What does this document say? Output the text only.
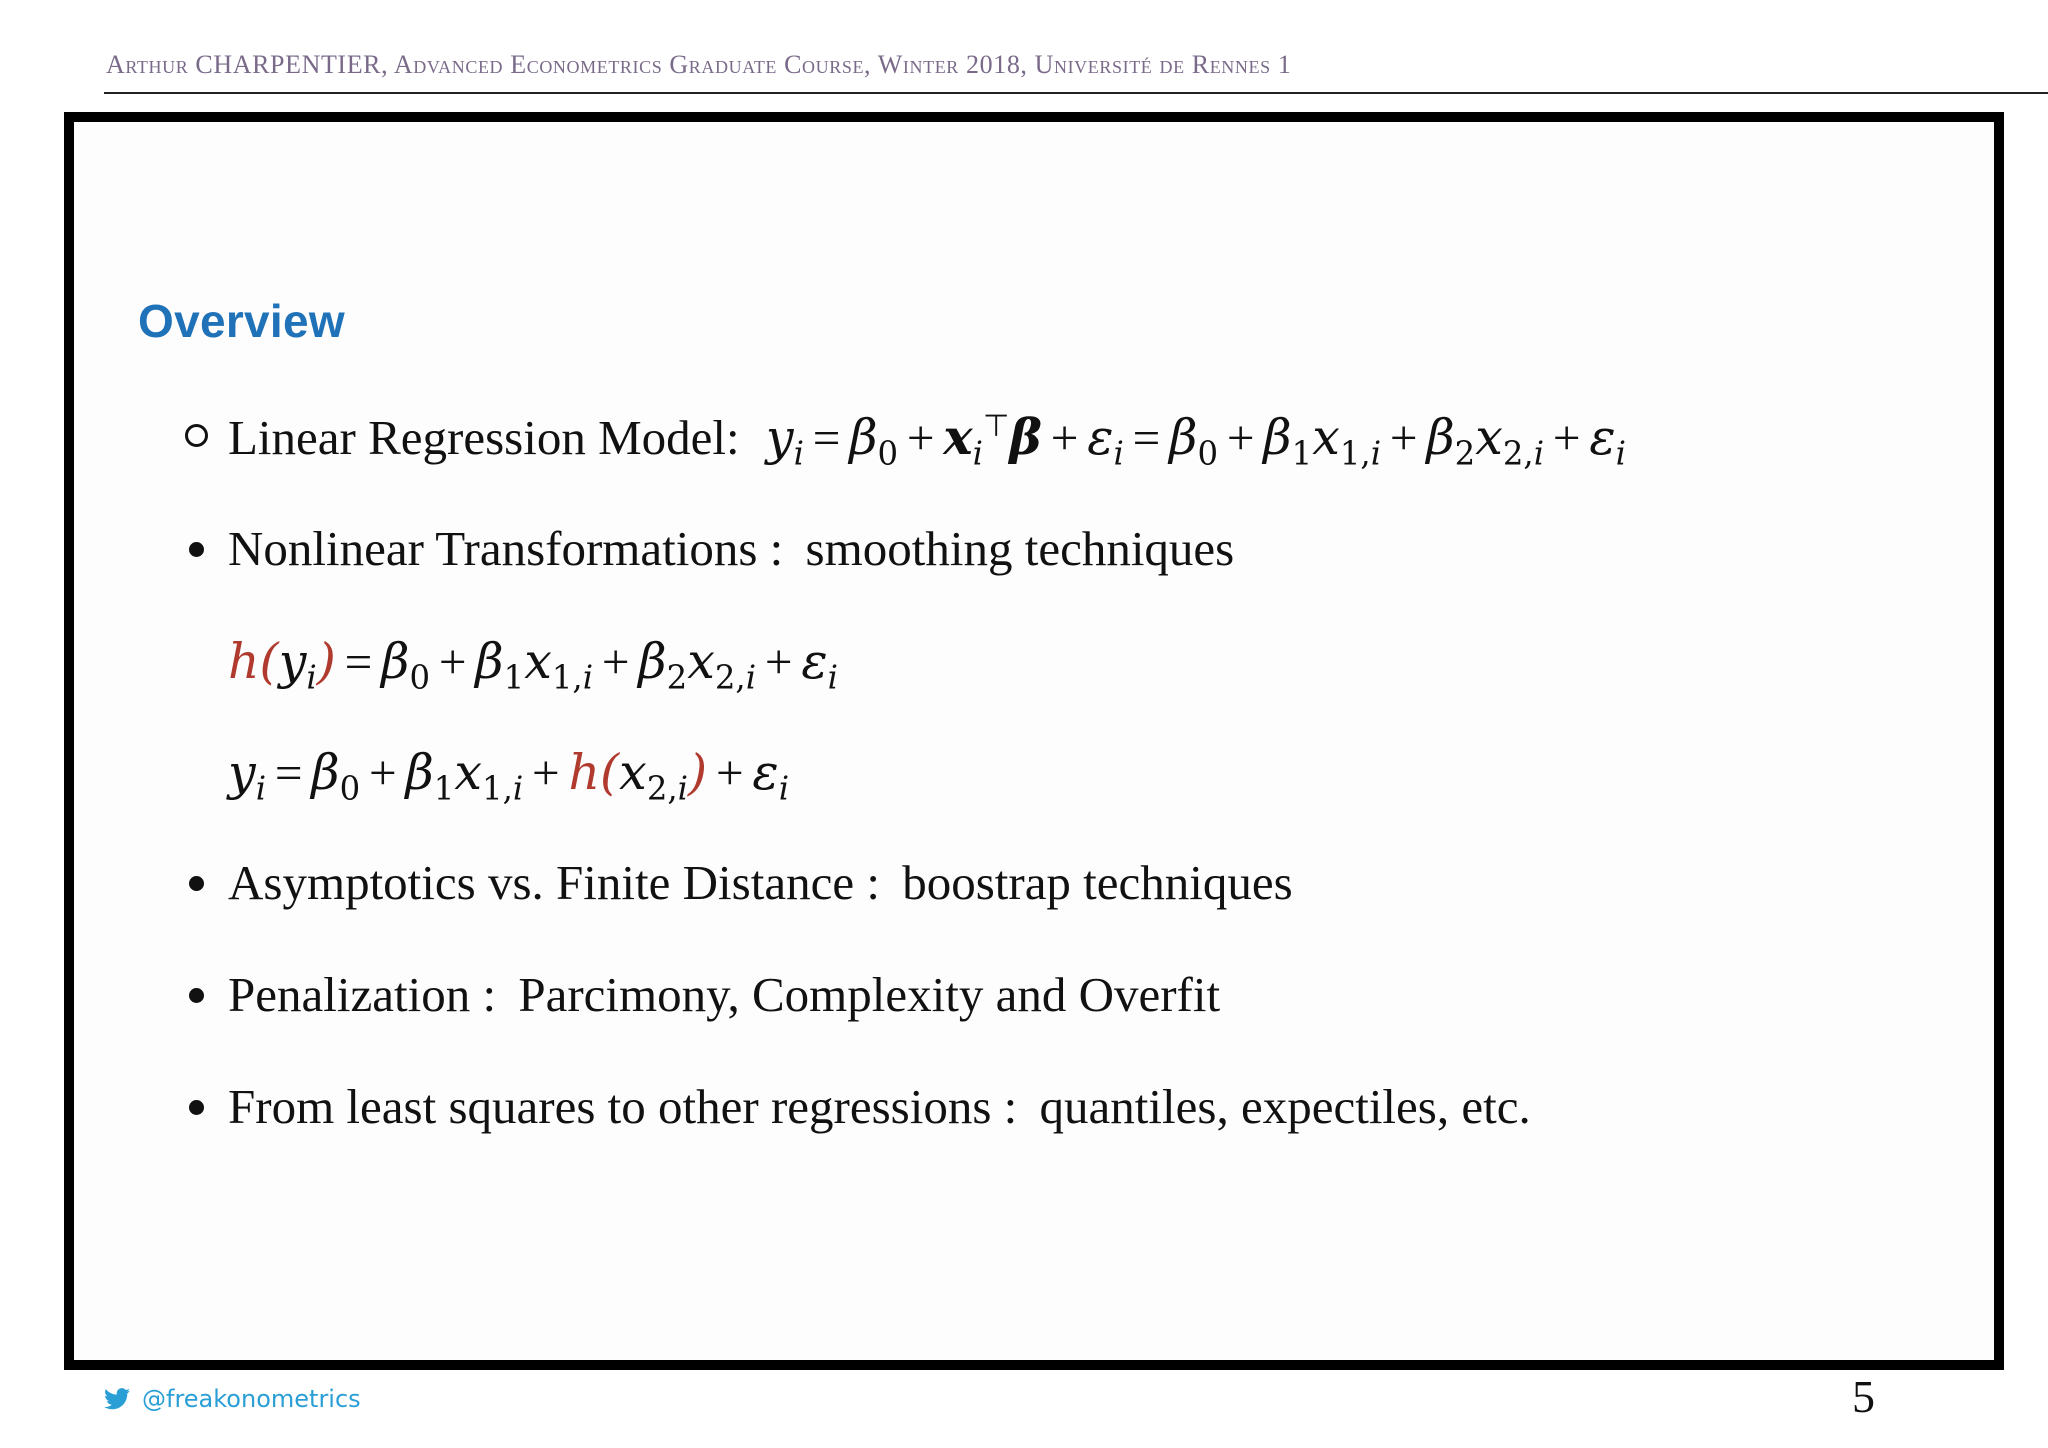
Arthur CHARPENTIER, Advanced Econometrics Graduate Course, Winter 2018, Université de Rennes 1
Overview
Linear Regression Model: $y_i = \beta_0 + x_i^⊤\beta + \varepsilon_i = \beta_0 + \beta_1x_{1,i} + \beta_2x_{2,i} + \varepsilon_i$
Nonlinear Transformations : smoothing techniques
$h(y_i) = \beta_0 + \beta_1x_{1,i} + \beta_2x_{2,i} + \varepsilon_i$
$y_i = \beta_0 + \beta_1x_{1,i} + h(x_{2,i}) + \varepsilon_i$
Asymptotics vs. Finite Distance : boostrap techniques
Penalization : Parcimony, Complexity and Overfit
From least squares to other regressions : quantiles, expectiles, etc.
@freakonometrics	5
